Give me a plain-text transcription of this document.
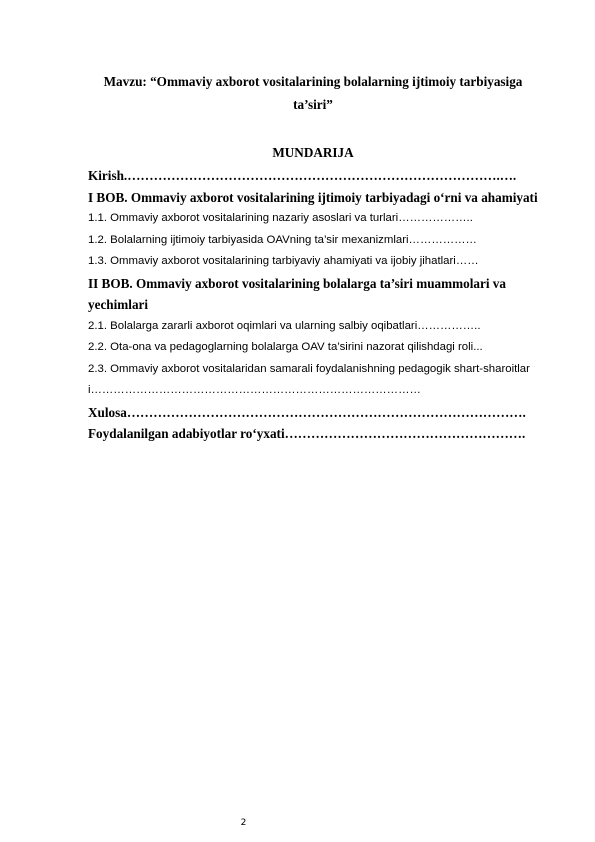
Mavzu: “Ommaviy axborot vositalarining bolalarning ijtimoiy tarbiyasiga ta’siri”
MUNDARIJA

Kirish.………………………………………………………………………….….

I BOB. Ommaviy axborot vositalarining ijtimoiy tarbiyadagi o‘rni va ahamiyati

1.1. Ommaviy axborot vositalarining nazariy asoslari va turlari………………..

1.2. Bolalarning ijtimoiy tarbiyasida OAVning ta’sir mexanizmlari………………

1.3. Ommaviy axborot vositalarining tarbiyaviy ahamiyati va ijobiy jihatlari……

II BOB. Ommaviy axborot vositalarining bolalarga ta’siri muammolari va yechimlari

2.1. Bolalarga zararli axborot oqimlari va ularning salbiy oqibatlari……………..

2.2. Ota-ona va pedagoglarning bolalarga OAV ta’sirini nazorat qilishdagi roli...

2.3. Ommaviy axborot vositalaridan samarali foydalanishning pedagogik shart-sharoitlari……………………………………………………………………………

Xulosa……………………………………………………………………………….

Foydalanilgan adabiyotlar ro‘yxati……………………………………………….

2
